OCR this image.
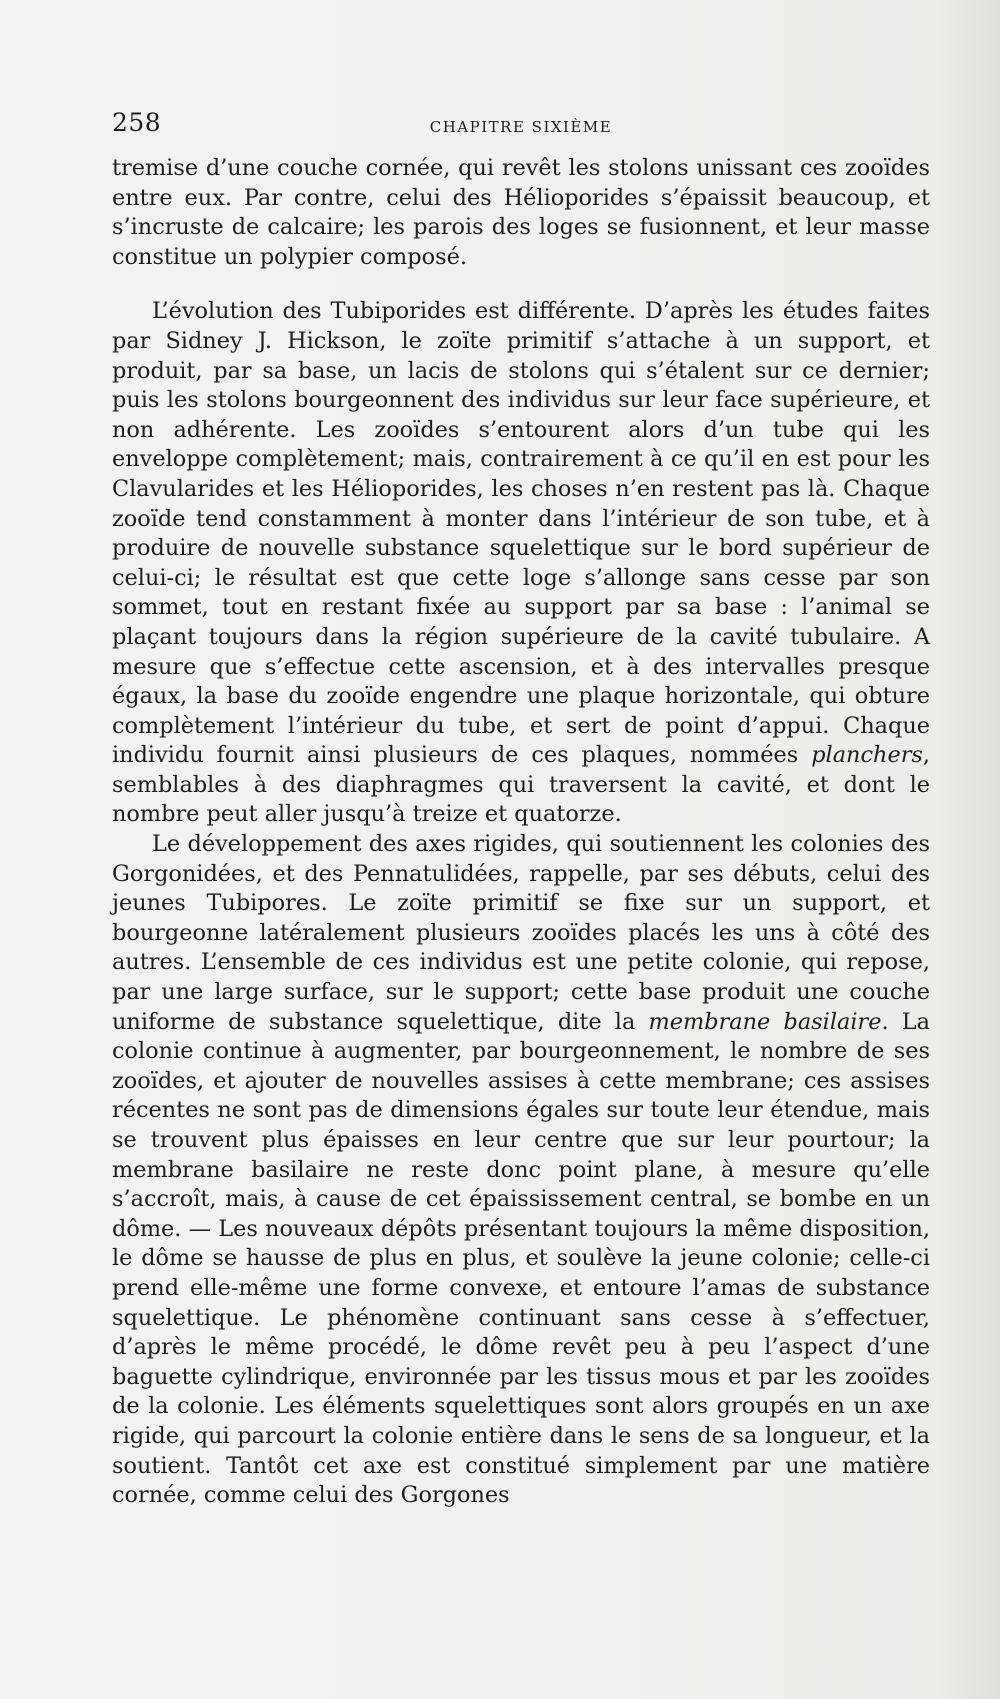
258	CHAPITRE SIXIÈME

tremise d’une couche cornée, qui revêt les stolons unissant ces zooïdes entre eux. Par contre, celui des Hélioporides s’épaissit beaucoup, et s’incruste de calcaire; les parois des loges se fusionnent, et leur masse constitue un polypier composé.

L’évolution des Tubiporides est différente. D’après les études faites par Sidney J. Hickson, le zoïte primitif s’attache à un support, et produit, par sa base, un lacis de stolons qui s’étalent sur ce dernier; puis les stolons bourgeonnent des individus sur leur face supérieure, et non adhérente. Les zooïdes s’entourent alors d’un tube qui les enveloppe complètement; mais, contrairement à ce qu’il en est pour les Clavularides et les Hélioporides, les choses n’en restent pas là. Chaque zooïde tend constamment à monter dans l’intérieur de son tube, et à produire de nouvelle substance squelettique sur le bord supérieur de celui-ci; le résultat est que cette loge s’allonge sans cesse par son sommet, tout en restant fixée au support par sa base : l’animal se plaçant toujours dans la région supérieure de la cavité tubulaire. A mesure que s’effectue cette ascension, et à des intervalles presque égaux, la base du zooïde engendre une plaque horizontale, qui obture complètement l’intérieur du tube, et sert de point d’appui. Chaque individu fournit ainsi plusieurs de ces plaques, nommées planchers, semblables à des diaphragmes qui traversent la cavité, et dont le nombre peut aller jusqu’à treize et quatorze.

Le développement des axes rigides, qui soutiennent les colonies des Gorgonidées, et des Pennatulidées, rappelle, par ses débuts, celui des jeunes Tubipores. Le zoïte primitif se fixe sur un support, et bourgeonne latéralement plusieurs zooïdes placés les uns à côté des autres. L’ensemble de ces individus est une petite colonie, qui repose, par une large surface, sur le support; cette base produit une couche uniforme de substance squelettique, dite la membrane basilaire. La colonie continue à augmenter, par bourgeonnement, le nombre de ses zooïdes, et ajouter de nouvelles assises à cette membrane; ces assises récentes ne sont pas de dimensions égales sur toute leur étendue, mais se trouvent plus épaisses en leur centre que sur leur pourtour; la membrane basilaire ne reste donc point plane, à mesure qu’elle s’accroît, mais, à cause de cet épaississement central, se bombe en un dôme. — Les nouveaux dépôts présentant toujours la même disposition, le dôme se hausse de plus en plus, et soulève la jeune colonie; celle-ci prend elle-même une forme convexe, et entoure l’amas de substance squelettique. Le phénomène continuant sans cesse à s’effectuer, d’après le même procédé, le dôme revêt peu à peu l’aspect d’une baguette cylindrique, environnée par les tissus mous et par les zooïdes de la colonie. Les éléments squelettiques sont alors groupés en un axe rigide, qui parcourt la colonie entière dans le sens de sa longueur, et la soutient. Tantôt cet axe est constitué simplement par une matière cornée, comme celui des Gorgones
